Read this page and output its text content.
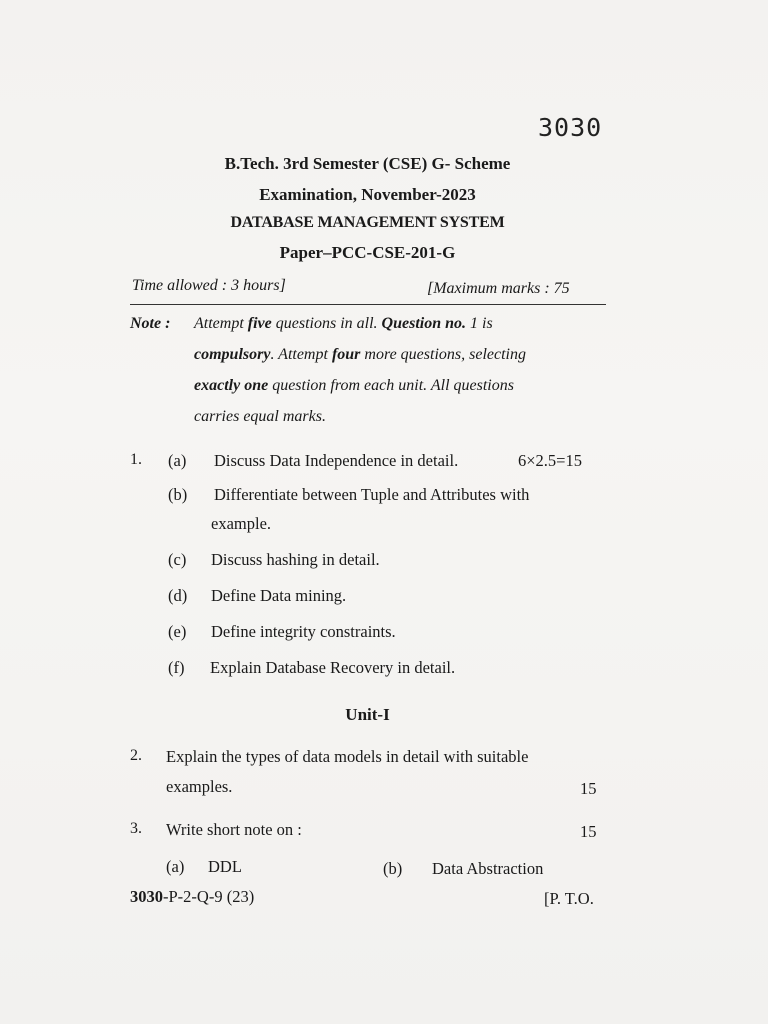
3030
B.Tech. 3rd Semester (CSE) G- Scheme
Examination, November-2023
DATABASE MANAGEMENT SYSTEM
Paper–PCC-CSE-201-G
Time allowed : 3 hours]	[Maximum marks : 75
Note : Attempt five questions in all. Question no. 1 is
compulsory. Attempt four more questions, selecting
exactly one question from each unit. All questions
carries equal marks.
1. (a) Discuss Data Independence in detail.	6×2.5=15
(b) Differentiate between Tuple and Attributes with
example.
(c) Discuss hashing in detail.
(d) Define Data mining.
(e) Define integrity constraints.
(f) Explain Database Recovery in detail.
Unit-I
2. Explain the types of data models in detail with suitable
examples.	15
3. Write short note on :	15
(a) DDL	(b) Data Abstraction
3030-P-2-Q-9 (23)	[P. T.O.
